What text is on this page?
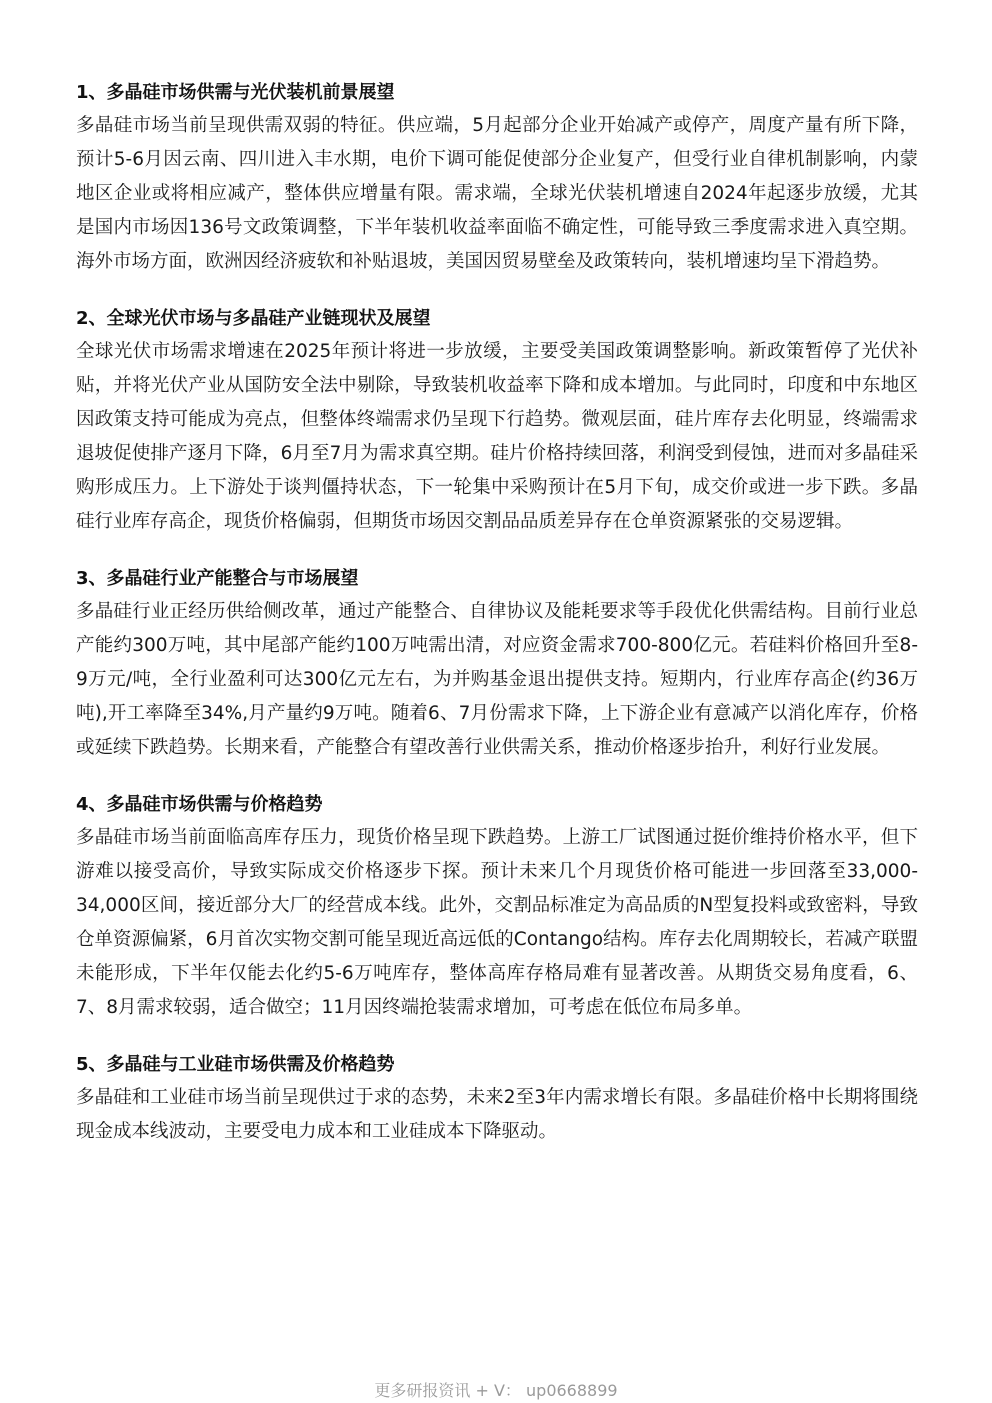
1、多晶硅市场供需与光伏装机前景展望

多晶硅市场当前呈现供需双弱的特征。供应端，5月起部分企业开始减产或停产，周度产量有所下降，预计5-6月因云南、四川进入丰水期，电价下调可能促使部分企业复产，但受行业自律机制影响，内蒙地区企业或将相应减产，整体供应增量有限。需求端，全球光伏装机增速自2024年起逐步放缓，尤其是国内市场因136号文政策调整，下半年装机收益率面临不确定性，可能导致三季度需求进入真空期。海外市场方面，欧洲因经济疲软和补贴退坡，美国因贸易壁垒及政策转向，装机增速均呈下滑趋势。

2、全球光伏市场与多晶硅产业链现状及展望

全球光伏市场需求增速在2025年预计将进一步放缓，主要受美国政策调整影响。新政策暂停了光伏补贴，并将光伏产业从国防安全法中剔除，导致装机收益率下降和成本增加。与此同时，印度和中东地区因政策支持可能成为亮点，但整体终端需求仍呈现下行趋势。微观层面，硅片库存去化明显，终端需求退坡促使排产逐月下降，6月至7月为需求真空期。硅片价格持续回落，利润受到侵蚀，进而对多晶硅采购形成压力。上下游处于谈判僵持状态，下一轮集中采购预计在5月下旬，成交价或进一步下跌。多晶硅行业库存高企，现货价格偏弱，但期货市场因交割品品质差异存在仓单资源紧张的交易逻辑。

3、多晶硅行业产能整合与市场展望

多晶硅行业正经历供给侧改革，通过产能整合、自律协议及能耗要求等手段优化供需结构。目前行业总产能约300万吨，其中尾部产能约100万吨需出清，对应资金需求700-800亿元。若硅料价格回升至8-9万元/吨，全行业盈利可达300亿元左右，为并购基金退出提供支持。短期内，行业库存高企(约36万吨),开工率降至34%,月产量约9万吨。随着6、7月份需求下降，上下游企业有意减产以消化库存，价格或延续下跌趋势。长期来看，产能整合有望改善行业供需关系，推动价格逐步抬升，利好行业发展。

4、多晶硅市场供需与价格趋势

多晶硅市场当前面临高库存压力，现货价格呈现下跌趋势。上游工厂试图通过挺价维持价格水平，但下游难以接受高价，导致实际成交价格逐步下探。预计未来几个月现货价格可能进一步回落至33,000-34,000区间，接近部分大厂的经营成本线。此外，交割品标准定为高品质的N型复投料或致密料，导致仓单资源偏紧，6月首次实物交割可能呈现近高远低的Contango结构。库存去化周期较长，若减产联盟未能形成，下半年仅能去化约5-6万吨库存，整体高库存格局难有显著改善。从期货交易角度看，6、7、8月需求较弱，适合做空；11月因终端抢装需求增加，可考虑在低位布局多单。

5、多晶硅与工业硅市场供需及价格趋势

多晶硅和工业硅市场当前呈现供过于求的态势，未来2至3年内需求增长有限。多晶硅价格中长期将围绕现金成本线波动，主要受电力成本和工业硅成本下降驱动。

更多研报资讯 + V： up0668899
